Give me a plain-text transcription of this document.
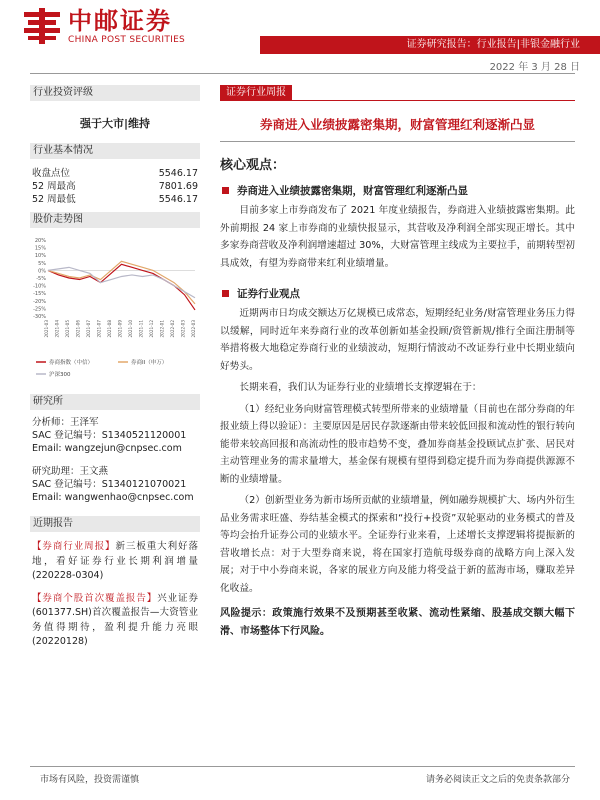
中邮证券
CHINA POST SECURITIES	证券研究报告：行业报告|非银金融行业
2022 年 3 月 28 日
行业投资评级
强于大市|维持
行业基本情况
收盘点位	5546.17
52 周最高	7801.69
52 周最低	5546.17
股价走势图
20%
15%
10%
5%
0%
-5%
-10%
-15%
-20%
-25%
-30%
2021-03 2021-04 2021-05 2021-06 2021-07 2021-07 2021-08 2021-09 2021-10 2021-11 2021-12 2022-01 2022-02 2022-03 2022-03
券商指数（中信）	券商II（申万）
沪深300
研究所
分析师：王泽军
SAC 登记编号：S1340521120001
Email: wangzejun@cnpsec.com
研究助理：王文燕
SAC 登记编号：S1340121070021
Email: wangwenhao@cnpsec.com
近期报告
【券商行业周报】新三板重大利好落地，看好证券行业长期利润增量(220228-0304)
【券商个股首次覆盖报告】兴业证券(601377.SH)首次覆盖报告—大资管业务值得期待，盈利提升能力亮眼(20220128)
证券行业周报
券商进入业绩披露密集期，财富管理红利逐渐凸显
核心观点：
券商进入业绩披露密集期，财富管理红利逐渐凸显

目前多家上市券商发布了 2021 年度业绩报告，券商进入业绩披露密集期。此外前期报 24 家上市券商的业绩快报显示，其营收及净利润全部实现正增长。其中多家券商营收及净利润增速超过 30%，大财富管理主线成为主要拉手，前期转型初具成效，有望为券商带来红利业绩增量。

证券行业观点

近期两市日均成交额达万亿规模已成常态，短期经纪业务/财富管理业务压力得以缓解，同时近年来券商行业的改革创新如基金投顾/资管新规/推行全面注册制等举措将极大地稳定券商行业的业绩波动，短期行情波动不改证券行业中长期业绩向好势头。

长期来看，我们认为证券行业的业绩增长支撑逻辑在于：

（1）经纪业务向财富管理模式转型所带来的业绩增量（目前也在部分券商的年报业绩上得以验证）：主要原因是居民存款逐渐由带来较低回报和流动性的银行转向能带来较高回报和高流动性的股市趋势不变，叠加券商基金投顾试点扩张、居民对主动管理业务的需求量增大，基金保有规模有望得到稳定提升而为券商提供源源不断的业绩增量。

（2）创新型业务为新市场所贡献的业绩增量，例如融券规模扩大、场内外衍生品业务需求旺盛、券结基金模式的探索和“投行+投资”双轮驱动的业务模式的普及等均会抬升证券公司的业绩水平。全证券行业来看，上述增长支撑逻辑将提振新的营收增长点：对于大型券商来说，将在国家打造航母级券商的战略方向上深入发展；对于中小券商来说，各家的展业方向及能力将受益于新的蓝海市场，赚取差异化收益。

风险提示：政策施行效果不及预期甚至收紧、流动性紧缩、股基成交额大幅下滑、市场整体下行风险。

市场有风险，投资需谨慎	请务必阅读正文之后的免责条款部分
